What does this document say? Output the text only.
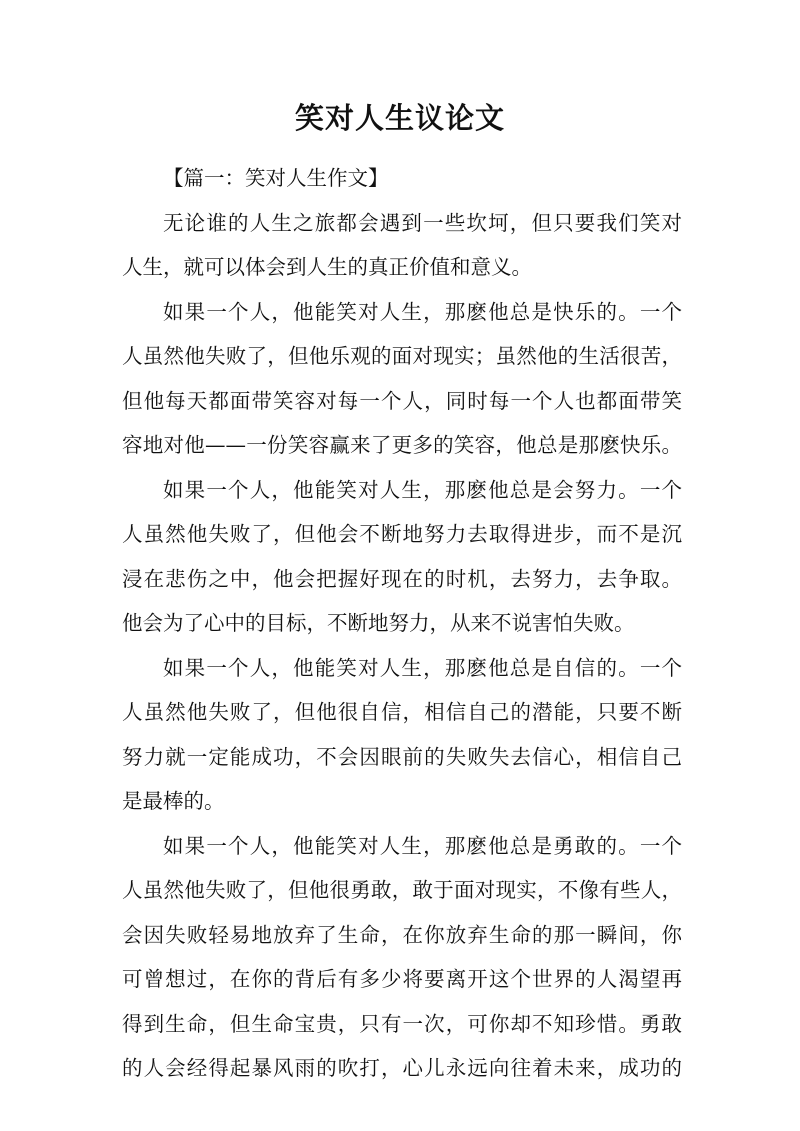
笑对人生议论文
【篇一：笑对人生作文】
无论谁的人生之旅都会遇到一些坎坷，但只要我们笑对
人生，就可以体会到人生的真正价值和意义。
如果一个人，他能笑对人生，那麽他总是快乐的。一个
人虽然他失败了，但他乐观的面对现实；虽然他的生活很苦，
但他每天都面带笑容对每一个人，同时每一个人也都面带笑
容地对他——一份笑容赢来了更多的笑容，他总是那麽快乐。
如果一个人，他能笑对人生，那麽他总是会努力。一个
人虽然他失败了，但他会不断地努力去取得进步，而不是沉
浸在悲伤之中，他会把握好现在的时机，去努力，去争取。
他会为了心中的目标，不断地努力，从来不说害怕失败。
如果一个人，他能笑对人生，那麽他总是自信的。一个
人虽然他失败了，但他很自信，相信自己的潜能，只要不断
努力就一定能成功，不会因眼前的失败失去信心，相信自己
是最棒的。
如果一个人，他能笑对人生，那麽他总是勇敢的。一个
人虽然他失败了，但他很勇敢，敢于面对现实，不像有些人，
会因失败轻易地放弃了生命，在你放弃生命的那一瞬间，你
可曾想过，在你的背后有多少将要离开这个世界的人渴望再
得到生命，但生命宝贵，只有一次，可你却不知珍惜。勇敢
的人会经得起暴风雨的吹打，心儿永远向往着未来，成功的
